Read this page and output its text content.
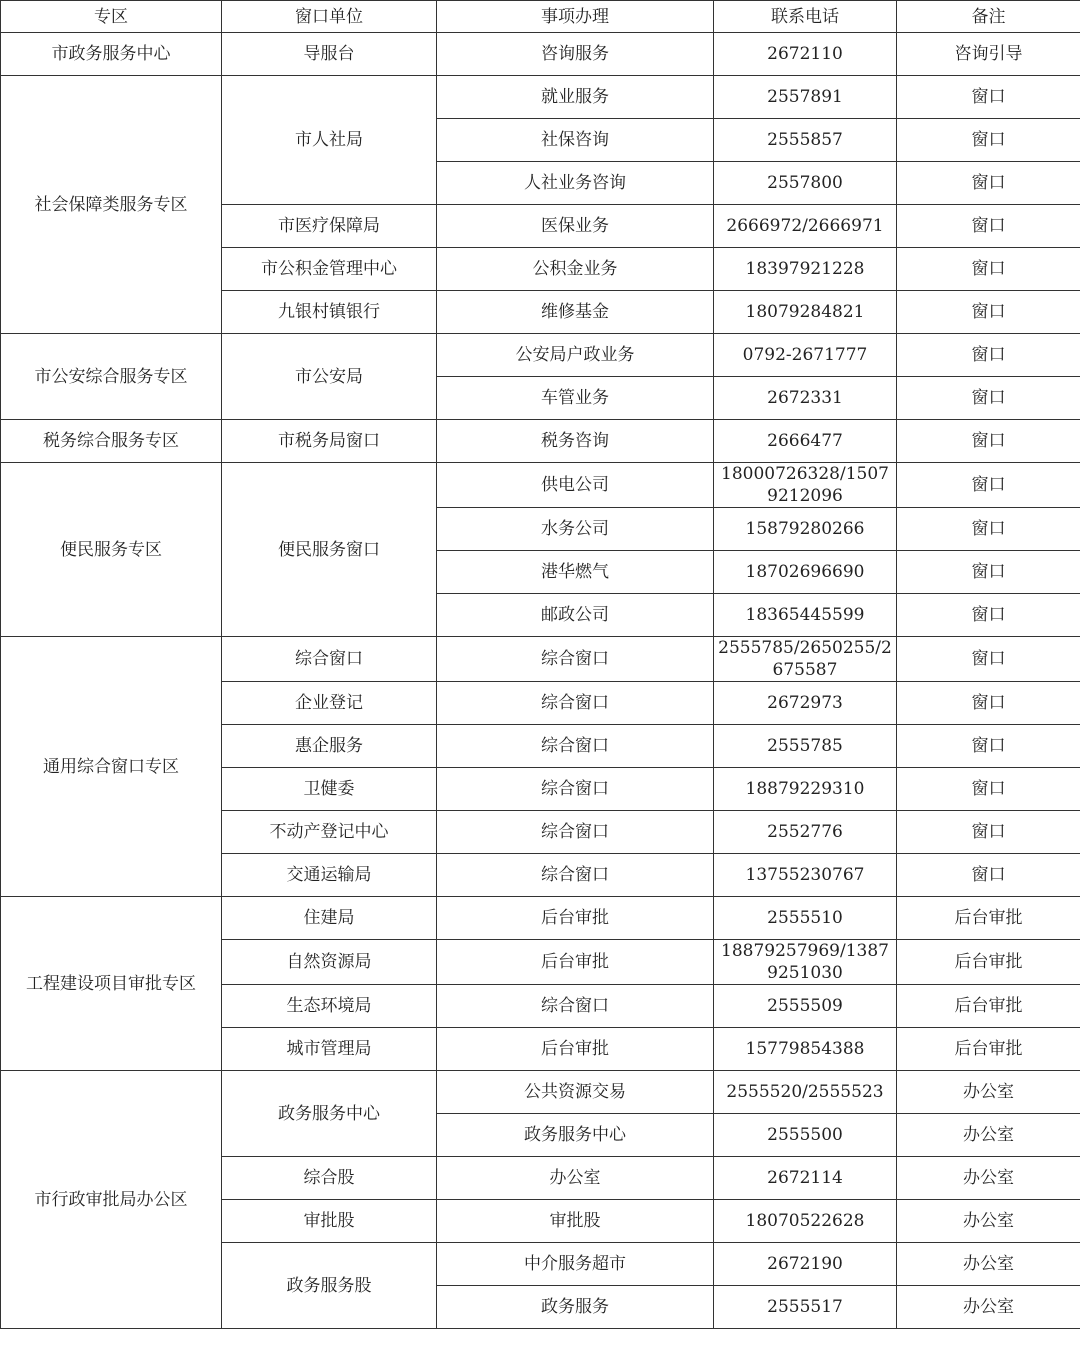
专区	窗口单位	事项办理	联系电话	备注
市政务服务中心	导服台	咨询服务	2672110	咨询引导
社会保障类服务专区	市人社局	就业服务	2557891	窗口
		社保咨询	2555857	窗口
		人社业务咨询	2557800	窗口
	市医疗保障局	医保业务	2666972/2666971	窗口
	市公积金管理中心	公积金业务	18397921228	窗口
	九银村镇银行	维修基金	18079284821	窗口
市公安综合服务专区	市公安局	公安局户政业务	0792-2671777	窗口
		车管业务	2672331	窗口
税务综合服务专区	市税务局窗口	税务咨询	2666477	窗口
便民服务专区	便民服务窗口	供电公司	18000726328/15079212096	窗口
		水务公司	15879280266	窗口
		港华燃气	18702696690	窗口
		邮政公司	18365445599	窗口
通用综合窗口专区	综合窗口	综合窗口	2555785/2650255/2675587	窗口
	企业登记	综合窗口	2672973	窗口
	惠企服务	综合窗口	2555785	窗口
	卫健委	综合窗口	18879229310	窗口
	不动产登记中心	综合窗口	2552776	窗口
	交通运输局	综合窗口	13755230767	窗口
工程建设项目审批专区	住建局	后台审批	2555510	后台审批
	自然资源局	后台审批	18879257969/13879251030	后台审批
	生态环境局	综合窗口	2555509	后台审批
	城市管理局	后台审批	15779854388	后台审批
市行政审批局办公区	政务服务中心	公共资源交易	2555520/2555523	办公室
		政务服务中心	2555500	办公室
	综合股	办公室	2672114	办公室
	审批股	审批股	18070522628	办公室
	政务服务股	中介服务超市	2672190	办公室
		政务服务	2555517	办公室
